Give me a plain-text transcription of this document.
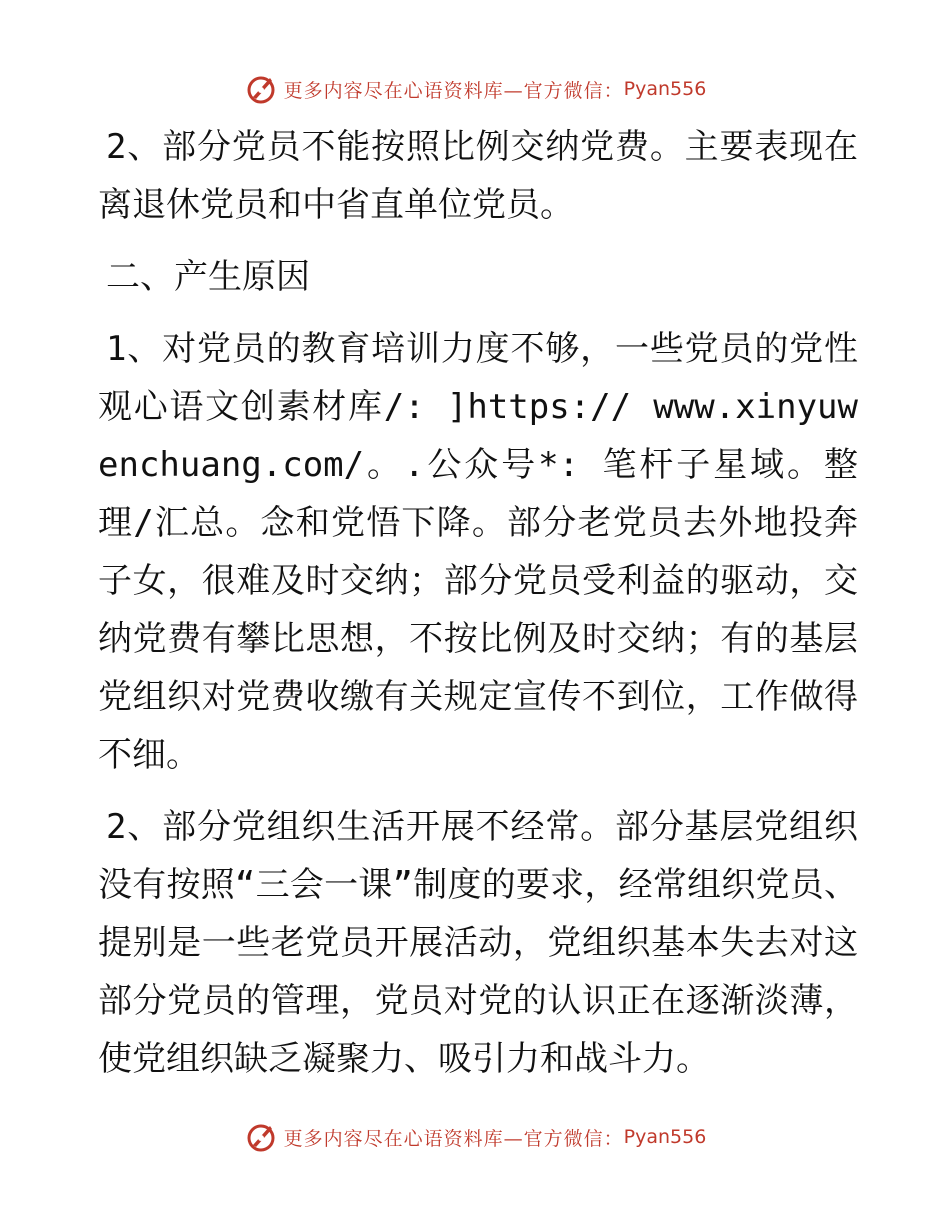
更多内容尽在心语资料库—官方微信： Pyan556

2、部分党员不能按照比例交纳党费。主要表现在离退休党员和中省直单位党员。

二、产生原因

1、对党员的教育培训力度不够，一些党员的党性观心语文创素材库/: ]https:// www.xinyuwenchuang.com/。.公众号*: 笔杆子星域。整理/汇总。念和党悟下降。部分老党员去外地投奔子女，很难及时交纳；部分党员受利益的驱动，交纳党费有攀比思想，不按比例及时交纳；有的基层党组织对党费收缴有关规定宣传不到位，工作做得不细。

2、部分党组织生活开展不经常。部分基层党组织没有按照“三会一课”制度的要求，经常组织党员、提别是一些老党员开展活动，党组织基本失去对这部分党员的管理，党员对党的认识正在逐渐淡薄，使党组织缺乏凝聚力、吸引力和战斗力。

更多内容尽在心语资料库—官方微信： Pyan556
